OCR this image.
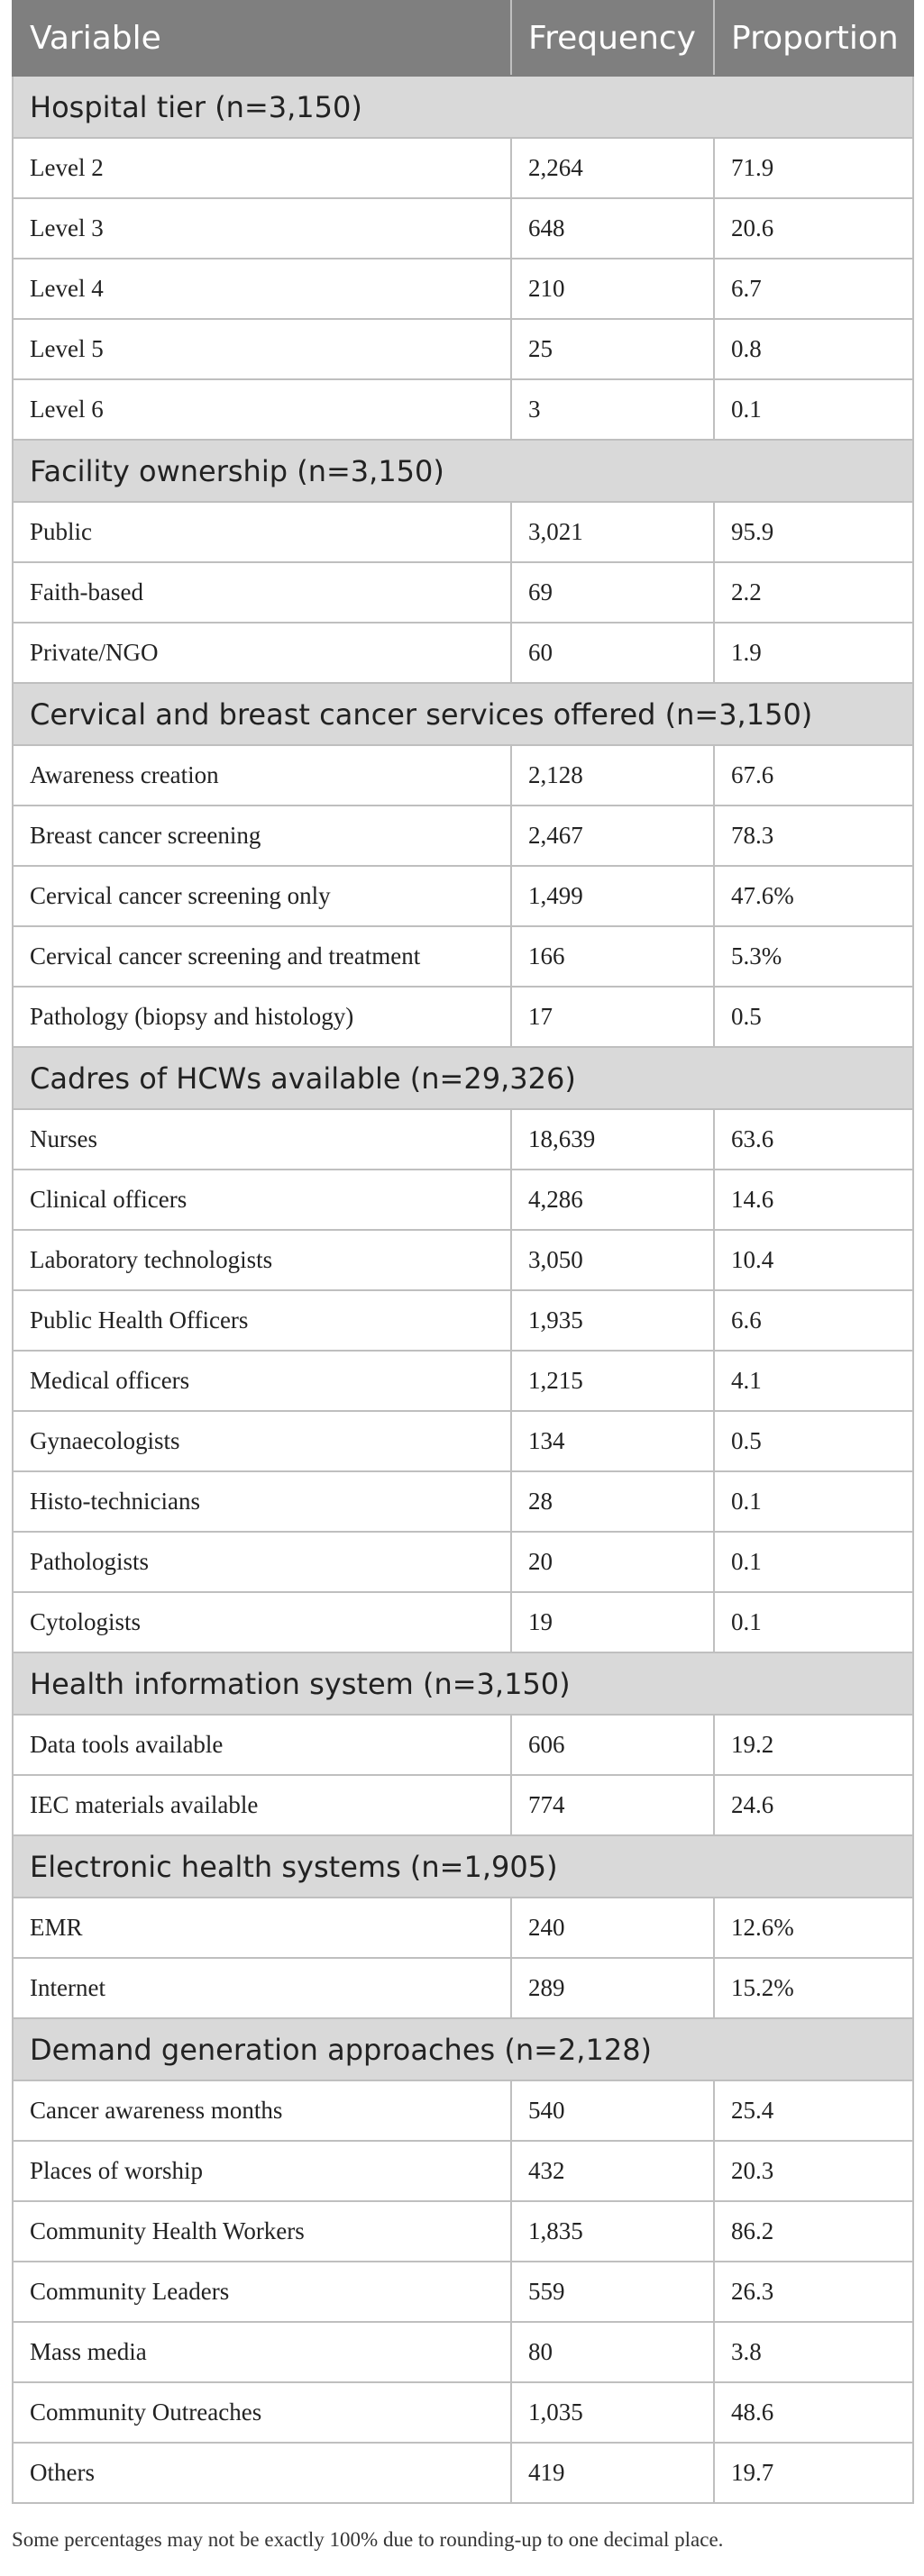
Variable	Frequency	Proportion
Hospital tier (n=3,150)		
Level 2	2,264	71.9
Level 3	648	20.6
Level 4	210	6.7
Level 5	25	0.8
Level 6	3	0.1
Facility ownership (n=3,150)		
Public	3,021	95.9
Faith-based	69	2.2
Private/NGO	60	1.9
Cervical and breast cancer services offered (n=3,150)		
Awareness creation	2,128	67.6
Breast cancer screening	2,467	78.3
Cervical cancer screening only	1,499	47.6%
Cervical cancer screening and treatment	166	5.3%
Pathology (biopsy and histology)	17	0.5
Cadres of HCWs available (n=29,326)		
Nurses	18,639	63.6
Clinical officers	4,286	14.6
Laboratory technologists	3,050	10.4
Public Health Officers	1,935	6.6
Medical officers	1,215	4.1
Gynaecologists	134	0.5
Histo-technicians	28	0.1
Pathologists	20	0.1
Cytologists	19	0.1
Health information system (n=3,150)		
Data tools available	606	19.2
IEC materials available	774	24.6
Electronic health systems (n=1,905)		
EMR	240	12.6%
Internet	289	15.2%
Demand generation approaches (n=2,128)		
Cancer awareness months	540	25.4
Places of worship	432	20.3
Community Health Workers	1,835	86.2
Community Leaders	559	26.3
Mass media	80	3.8
Community Outreaches	1,035	48.6
Others	419	19.7
Some percentages may not be exactly 100% due to rounding-up to one decimal place.
